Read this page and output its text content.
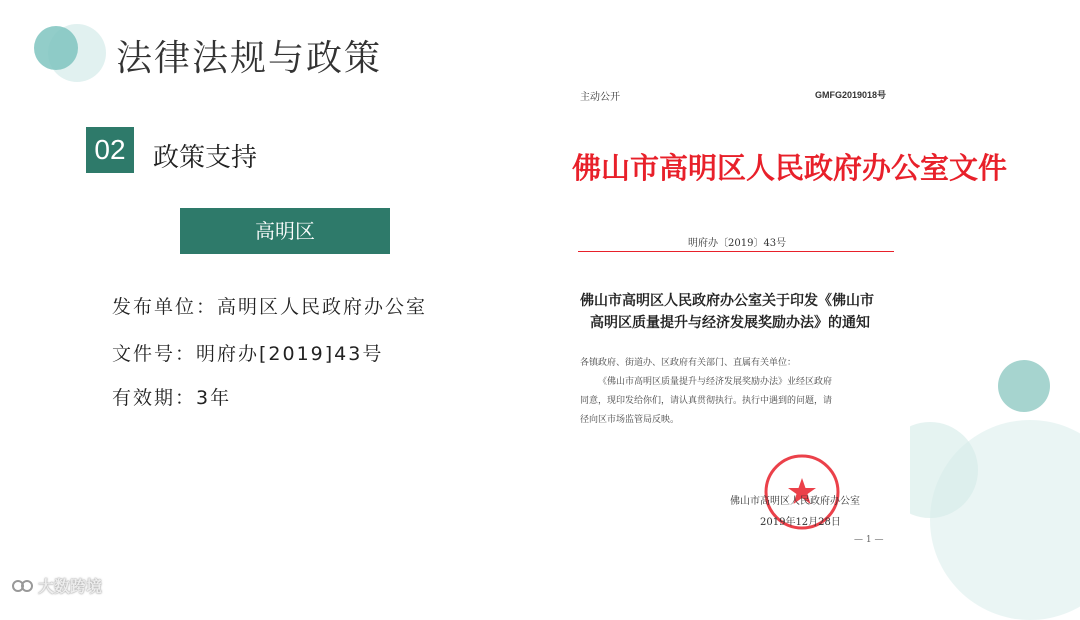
法律法规与政策
02	政策支持
高明区
发布单位：高明区人民政府办公室
文件号：明府办[2019]43号
有效期：3年
主动公开	GMFG2019018号
佛山市高明区人民政府办公室文件
明府办〔2019〕43号
佛山市高明区人民政府办公室关于印发《佛山市
高明区质量提升与经济发展奖励办法》的通知
各镇政府、街道办、区政府有关部门、直属有关单位：
《佛山市高明区质量提升与经济发展奖励办法》业经区政府
同意，现印发给你们，请认真贯彻执行。执行中遇到的问题，请
径向区市场监管局反映。
佛山市高明区人民政府办公室
2019年12月28日
— 1 —
大数跨境
